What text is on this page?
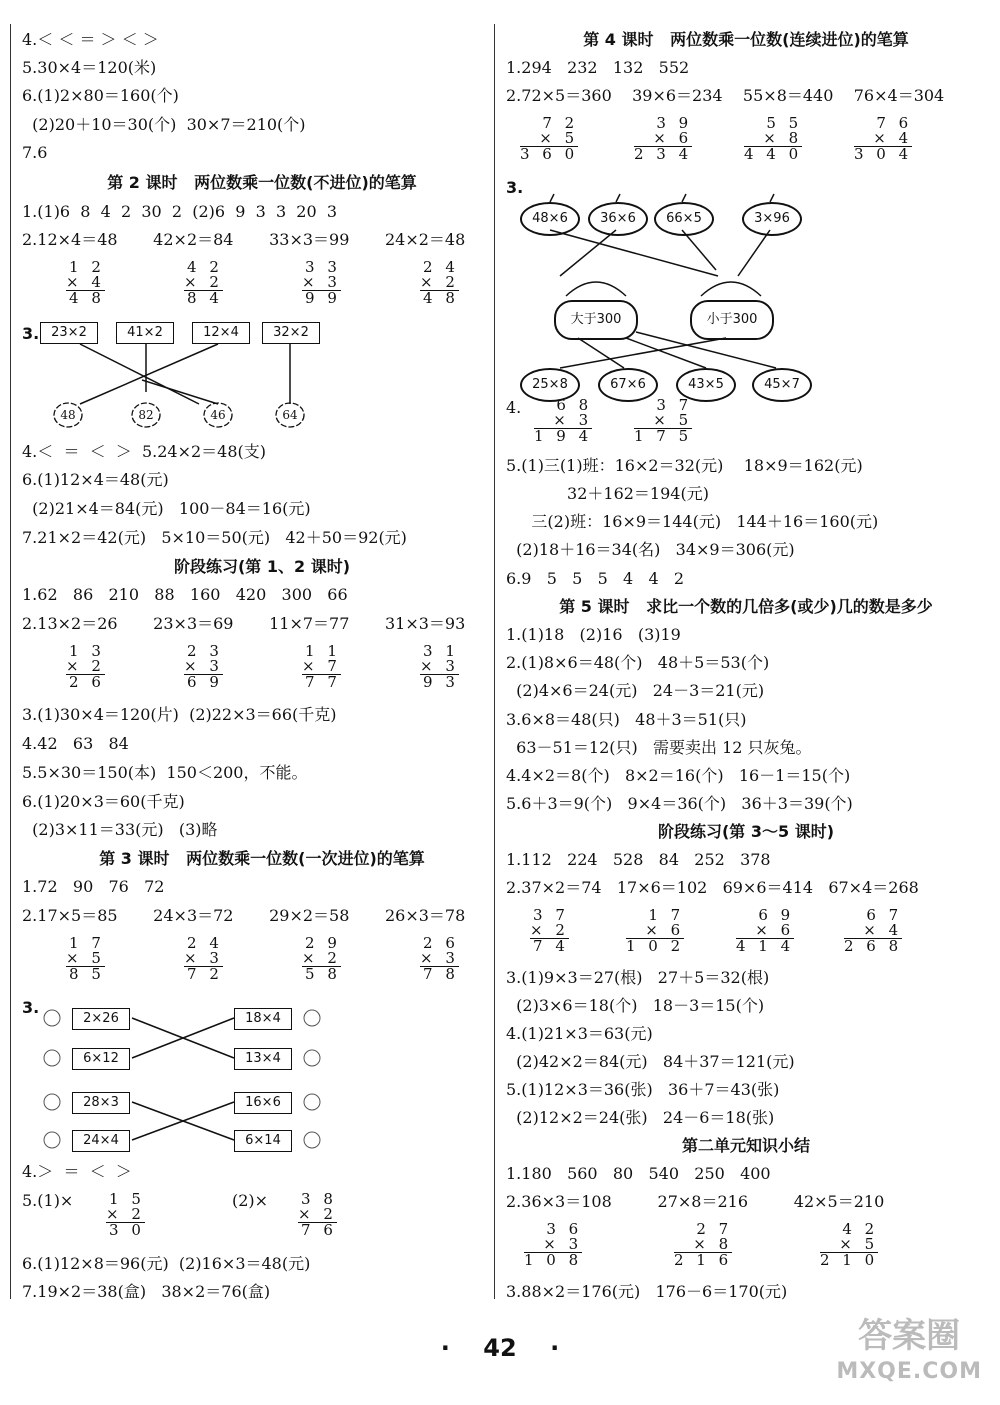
4.＜ ＜ ＝ ＞ ＜ ＞
5.30×4＝120(米)
6.(1)2×80＝160(个)
(2)20＋10＝30(个)  30×7＝210(个)
7.6
第 2 课时   两位数乘一位数(不进位)的笔算
1.(1)6  8  4  2  30  2  (2)6  9  3  3  20  3
2.12×4＝48       42×2＝84       33×3＝99       24×2＝48
1 2
× 4
4 8
4 2
× 2
8 4
3 3
× 3
9 9
2 4
× 2
4 8
3. 23×2	41×2	12×4	32×2
48	82	46	64
4.＜  ＝  ＜  ＞  5.24×2＝48(支)
6.(1)12×4＝48(元)
(2)21×4＝84(元)   100－84＝16(元)
7.21×2＝42(元)   5×10＝50(元)   42＋50＝92(元)
阶段练习(第 1、2 课时)
1.62   86   210   88   160   420   300   66
2.13×2＝26       23×3＝69       11×7＝77       31×3＝93
1 3
× 2
2 6
2 3
× 3
6 9
1 1
× 7
7 7
3 1
× 3
9 3
3.(1)30×4＝120(片)  (2)22×3＝66(千克)
4.42   63   84
5.5×30＝150(本)  150＜200，不能。
6.(1)20×3＝60(千克)
(2)3×11＝33(元)   (3)略
第 3 课时   两位数乘一位数(一次进位)的笔算
1.72   90   76   72
2.17×5＝85       24×3＝72       29×2＝58       26×3＝78
1 7
× 5
8 5
2 4
× 3
7 2
2 9
× 2
5 8
2 6
× 3
7 8
3.
2×26
6×12
28×3
24×4
18×4
13×4
16×6
6×14
4.＞  ＝  ＜  ＞
5.(1)× 1 5
× 2
3 0
(2)× 3 8
× 2
7 6
6.(1)12×8＝96(元)  (2)16×3＝48(元)
7.19×2＝38(盒)   38×2＝76(盒)
第 4 课时   两位数乘一位数(连续进位)的笔算
1.294   232   132   552
2.72×5＝360    39×6＝234    55×8＝440    76×4＝304
7 2
× 5
3 6 0
3 9
× 6
2 3 4
5 5
× 8
4 4 0
7 6
× 4
3 0 4
3.
48×6	36×6	66×5	3×96
大于300	小于300
25×8	67×6	43×5	45×7
4.	6 8
× 3
1 9 4
3 7
× 5
1 7 5
5.(1)三(1)班：16×2＝32(元)    18×9＝162(元)
32＋162＝194(元)
三(2)班：16×9＝144(元)   144＋16＝160(元)
(2)18＋16＝34(名)   34×9＝306(元)
6.9   5   5   5   4   4   2
第 5 课时   求比一个数的几倍多(或少)几的数是多少
1.(1)18   (2)16   (3)19
2.(1)8×6＝48(个)   48＋5＝53(个)
(2)4×6＝24(元)   24－3＝21(元)
3.6×8＝48(只)   48＋3＝51(只)
63－51＝12(只)   需要卖出 12 只灰兔。
4.4×2＝8(个)   8×2＝16(个)   16－1＝15(个)
5.6＋3＝9(个)   9×4＝36(个)   36＋3＝39(个)
阶段练习(第 3～5 课时)
1.112   224   528   84   252   378
2.37×2＝74   17×6＝102   69×6＝414   67×4＝268
3 7
× 2
7 4
1 7
× 6
1 0 2
6 9
× 6
4 1 4
6 7
× 4
2 6 8
3.(1)9×3＝27(根)   27＋5＝32(根)
(2)3×6＝18(个)   18－3＝15(个)
4.(1)21×3＝63(元)
(2)42×2＝84(元)   84＋37＝121(元)
5.(1)12×3＝36(张)   36＋7＝43(张)
(2)12×2＝24(张)   24－6＝18(张)
第二单元知识小结
1.180   560   80   540   250   400
2.36×3＝108         27×8＝216         42×5＝210
3 6
× 3
1 0 8
2 7
× 8
2 1 6
4 2
× 5
2 1 0
3.88×2＝176(元)   176－6＝170(元)
·    42    ·	答案圈
MXQE.COM
